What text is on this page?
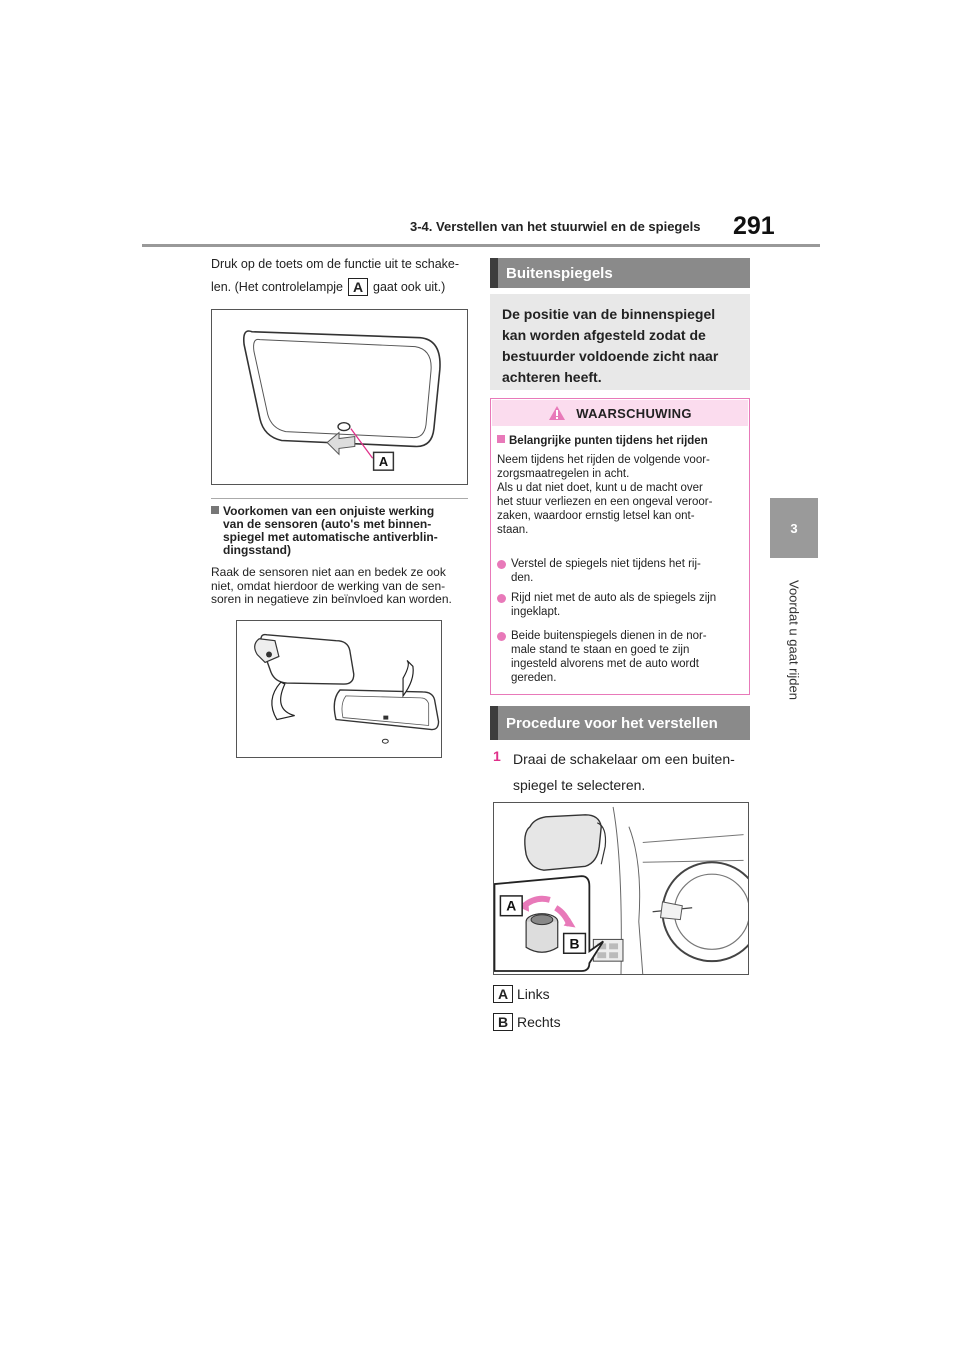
3-4. Verstellen van het stuurwiel en de spiegels 291
3
Voordat u gaat rijden
Druk op de toets om de functie uit te schake-
len. (Het controlelampje A gaat ook uit.)
A
Voorkomen van een onjuiste werking
van de sensoren (auto's met binnen-
spiegel met automatische antiverblin-
dingsstand)
Raak de sensoren niet aan en bedek ze ook
niet, omdat hierdoor de werking van de sen-
soren in negatieve zin beïnvloed kan worden.
Buitenspiegels
De positie van de binnenspiegel
kan worden afgesteld zodat de
bestuurder voldoende zicht naar
achteren heeft.
WAARSCHUWING
Belangrijke punten tijdens het rijden
Neem tijdens het rijden de volgende voor-
zorgsmaatregelen in acht.
Als u dat niet doet, kunt u de macht over
het stuur verliezen en een ongeval veroor-
zaken, waardoor ernstig letsel kan ont-
staan.
Verstel de spiegels niet tijdens het rij-
den.
Rijd niet met de auto als de spiegels zijn
ingeklapt.
Beide buitenspiegels dienen in de nor-
male stand te staan en goed te zijn
ingesteld alvorens met de auto wordt
gereden.
Procedure voor het verstellen
1 Draai de schakelaar om een buiten-
spiegel te selecteren.
A
B
A Links
B Rechts
